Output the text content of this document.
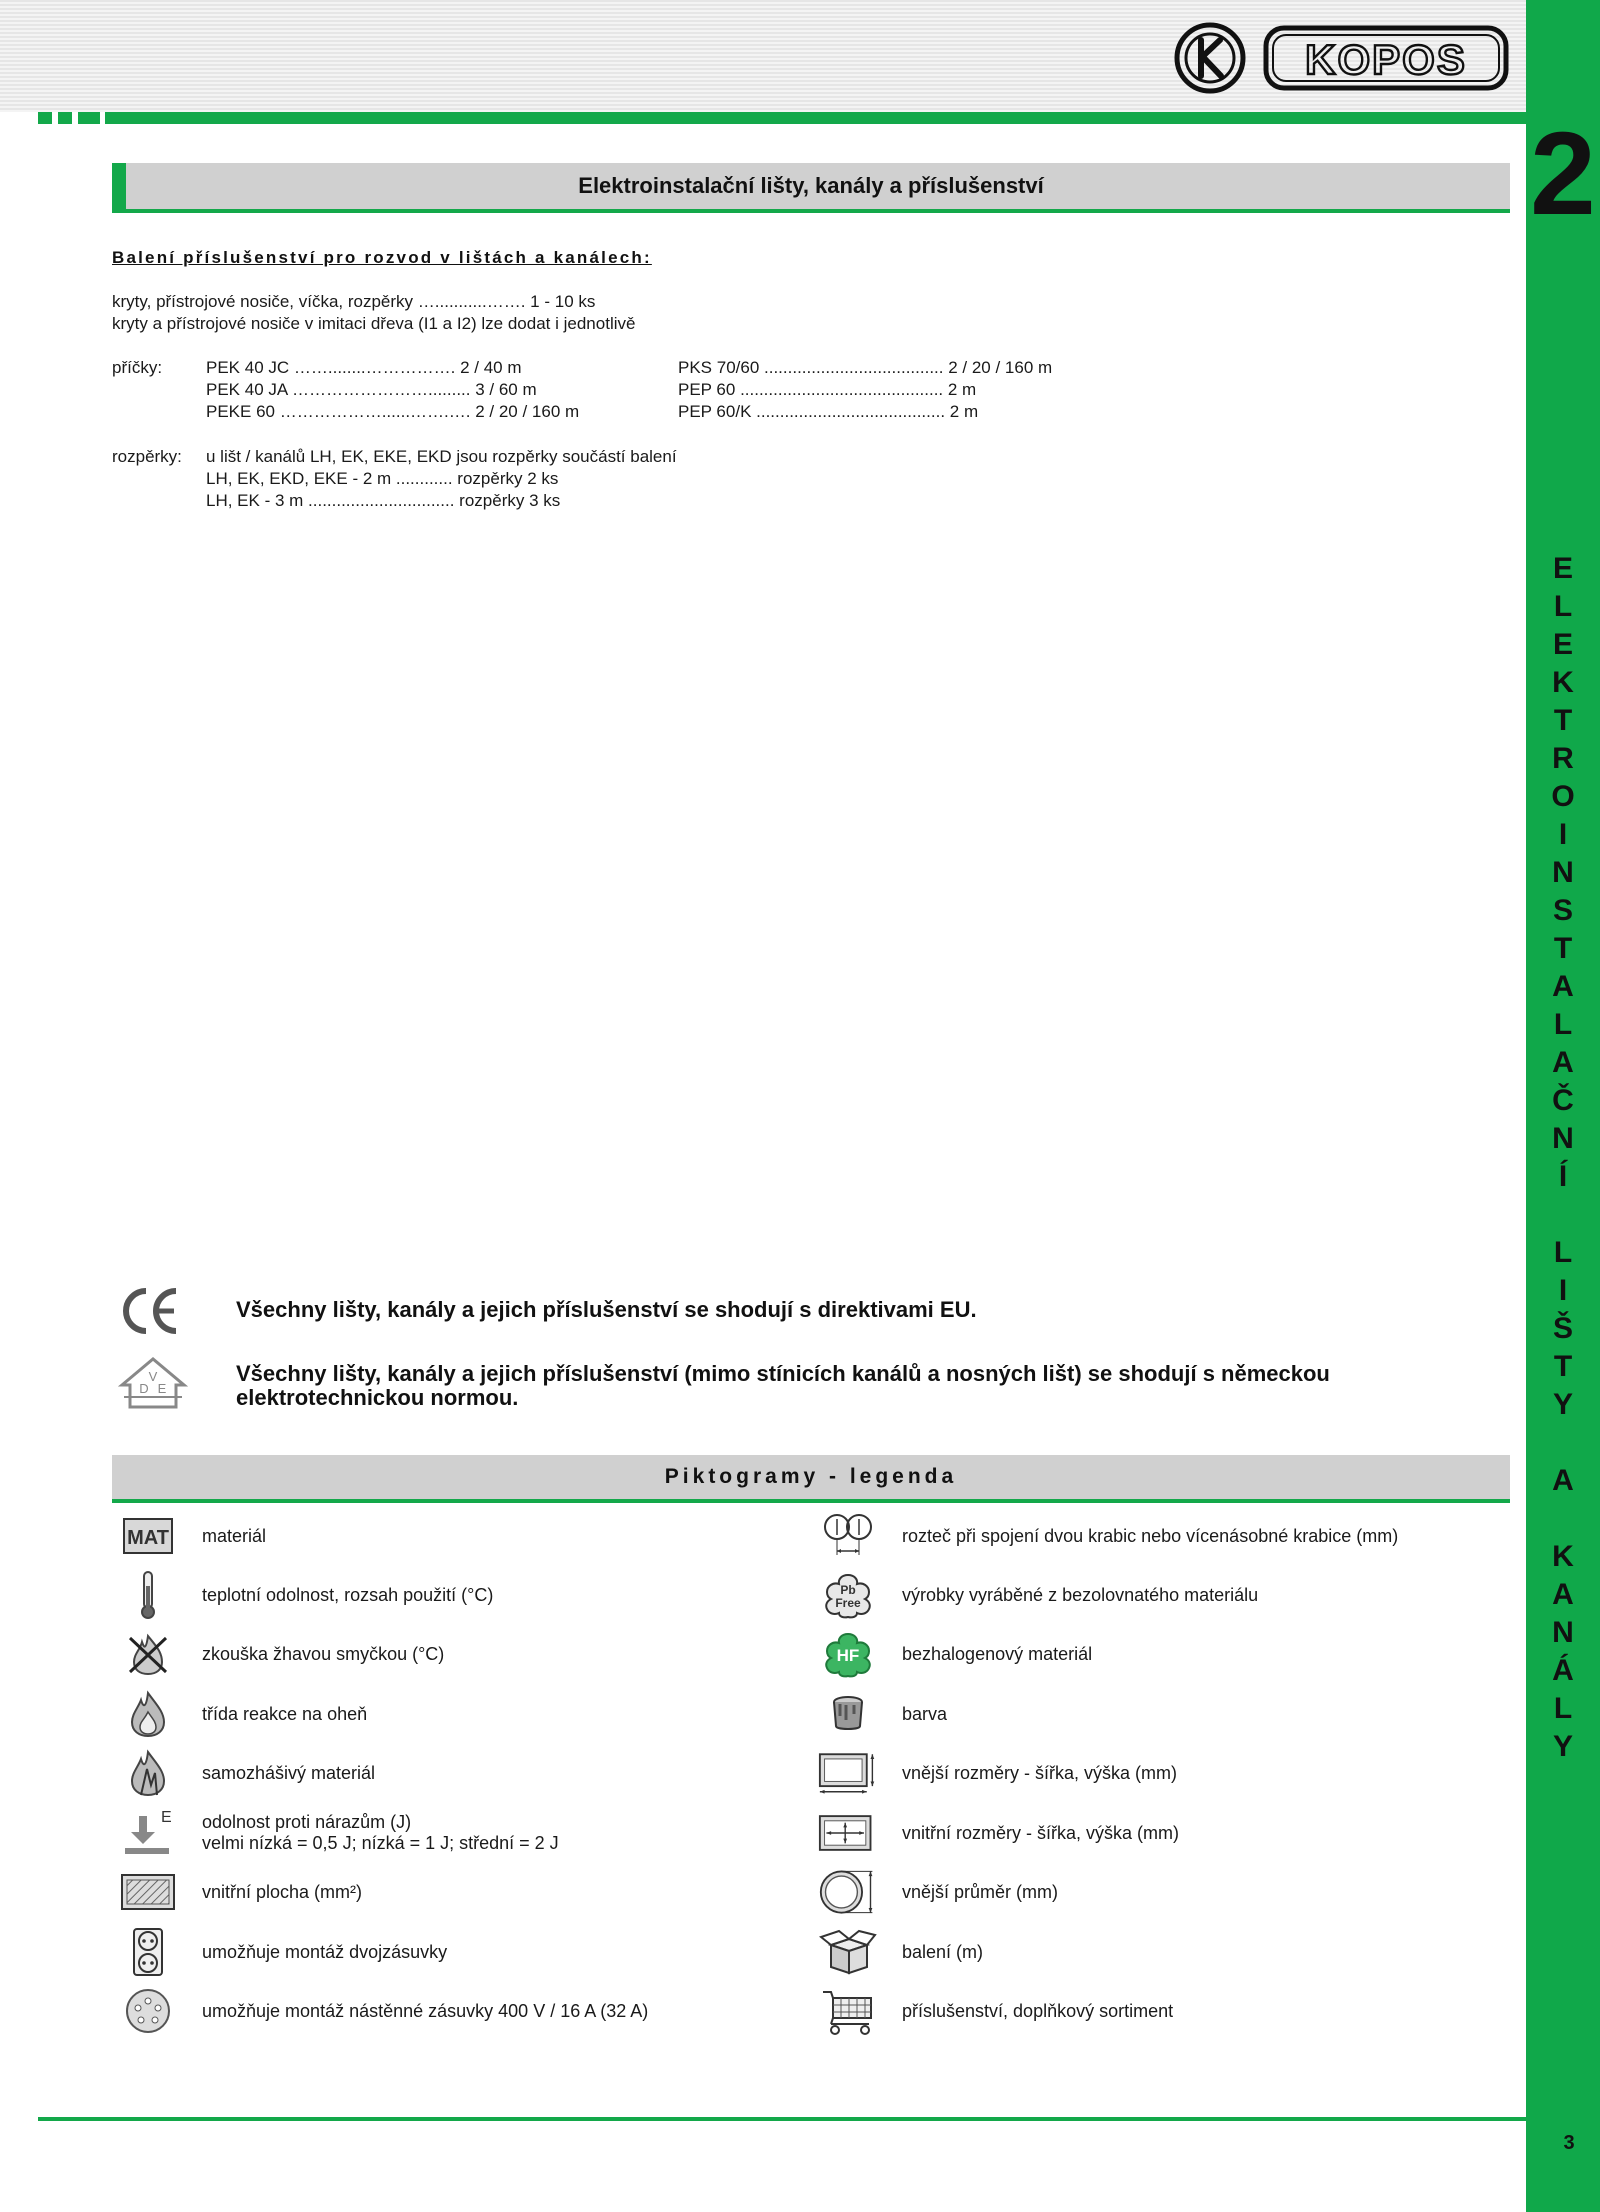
KOPOS
2
E
L
E
K
T
R
O
I
N
S
T
A
L
A
Č
N
Í
L
I
Š
T
Y
A
K
A
N
Á
L
Y
3
Elektroinstalační lišty, kanály a příslušenství
Balení příslušenství pro rozvod v lištách a kanálech:
kryty, přístrojové nosiče, víčka, rozpěrky …...........……. 1 - 10 ks
kryty a přístrojové nosiče v imitaci dřeva (I1 a I2) lze dodat i jednotlivě
příčky:	PEK 40 JC ……........……………. 2 / 40 m
PEK 40 JA ……………………......... 3 / 60 m
PEKE 60 ………………......…….…. 2 / 20 / 160 m
PKS 70/60 ...................................... 2 / 20 / 160 m
PEP 60 ........................................... 2 m
PEP 60/K ........................................ 2 m
rozpěrky: u lišt / kanálů LH, EK, EKE, EKD jsou rozpěrky součástí balení
LH, EK, EKD, EKE - 2 m ............ rozpěrky 2 ks
LH, EK - 3 m ............................... rozpěrky 3 ks
Všechny lišty, kanály a jejich příslušenství se shodují s direktivami EU.
V
D E
Všechny lišty, kanály a jejich příslušenství (mimo stínicích kanálů a nosných lišt) se shodují s německou
elektrotechnickou normou.
Piktogramy - legenda
MAT materiál
teplotní odolnost, rozsah použití (°C)
zkouška žhavou smyčkou (°C)
třída reakce na oheň
samozhášivý materiál
E odolnost proti nárazům (J)
velmi nízká = 0,5 J; nízká = 1 J; střední = 2 J
vnitřní plocha (mm²)
umožňuje montáž dvojzásuvky
umožňuje montáž nástěnné zásuvky 400 V / 16 A (32 A)
rozteč při spojení dvou krabic nebo vícenásobné krabice (mm)
Pb
Free výrobky vyráběné z bezolovnatého materiálu
HF bezhalogenový materiál
barva
vnější rozměry - šířka, výška (mm)
vnitřní rozměry - šířka, výška (mm)
vnější průměr (mm)
balení (m)
příslušenství, doplňkový sortiment
